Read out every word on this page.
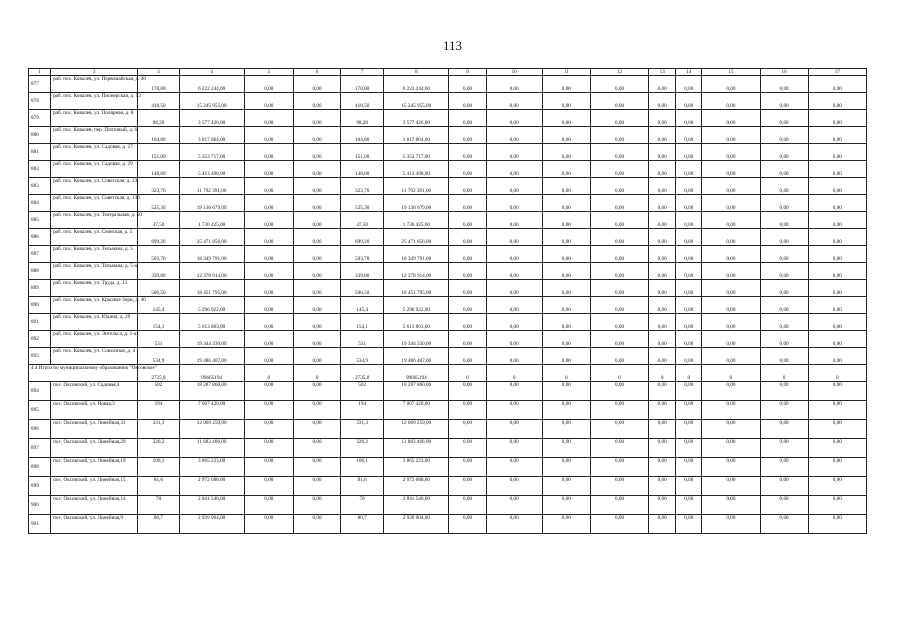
113
1	2	3	4	5	6	7	8	9	10	11	12	13	14	15	16	17
877	раб. пос. Ковалев, ул. Первомайская, д. 40	170,80	6 222 244,00	0,00	0,00	170,80	6 222 244,00	0,00	0,00	0,00	0,00	0,00	0,00	0,00	0,00	0,00
878	раб. пос. Ковалев, ул. Пионерская, д. 53	418,50	15 245 955,00	0,00	0,00	418,50	15 245 955,00	0,00	0,00	0,00	0,00	0,00	0,00	0,00	0,00	0,00
879	раб. пос. Ковалев, ул. Полярная, д. 8	98,20	3 577 426,00	0,00	0,00	98,20	3 577 426,00	0,00	0,00	0,00	0,00	0,00	0,00	0,00	0,00	0,00
880	раб. пос. Ковалев, пер. Почтовый, д. 6	104,80	3 817 864,00	0,00	0,00	104,80	3 817 864,00	0,00	0,00	0,00	0,00	0,00	0,00	0,00	0,00	0,00
881	раб. пос. Ковалев, ул. Садовая, д. 27	151,00	5 353 717,00	0,00	0,00	151,00	5 353 717,00	0,00	0,00	0,00	0,00	0,00	0,00	0,00	0,00	0,00
882	раб. пос. Ковалев, ул. Садовая, д. 29	148,60	5 413 498,00	0,00	0,00	148,60	5 413 498,00	0,00	0,00	0,00	0,00	0,00	0,00	0,00	0,00	0,00
883	раб. пос. Ковалев, ул. Советская, д. 23	323,70	11 792 391,00	0,00	0,00	323,70	11 792 391,00	0,00	0,00	0,00	0,00	0,00	0,00	0,00	0,00	0,00
884	раб. пос. Ковалев, ул. Советская, д. 136	525,30	19 136 679,00	0,00	0,00	525,30	19 136 679,00	0,00	0,00	0,00	0,00	0,00	0,00	0,00	0,00	0,00
885	раб. пос. Ковалев, ул. Театральная, д. 50	47,50	1 730 425,00	0,00	0,00	47,50	1 730 425,00	0,00	0,00	0,00	0,00	0,00	0,00	0,00	0,00	0,00
886	раб. пос. Ковалев, ул. Сеянская, д. 5	699,20	25 471 856,00	0,00	0,00	699,20	25 471 856,00	0,00	0,00	0,00	0,00	0,00	0,00	0,00	0,00	0,00
887	раб. пос. Ковалев, ул. Тельмана, д. 5	503,70	18 349 791,00	0,00	0,00	503,70	18 349 791,00	0,00	0,00	0,00	0,00	0,00	0,00	0,00	0,00	0,00
888	раб. пос. Ковалев, ул. Тельмана, д. 5-а	339,80	12 378 914,00	0,00	0,00	339,80	12 378 914,00	0,00	0,00	0,00	0,00	0,00	0,00	0,00	0,00	0,00
889	раб. пос. Ковалев, ул. Труда, д. 13	506,50	18 451 795,00	0,00	0,00	506,50	18 451 795,00	0,00	0,00	0,00	0,00	0,00	0,00	0,00	0,00	0,00
890	раб. пос. Ковалев, ул. Красные Зори, д. 40	145,4	5 296 922,00	0,00	0,00	145,4	5 296 922,00	0,00	0,00	0,00	0,00	0,00	0,00	0,00	0,00	0,00
891	раб. пос. Ковалев, ул. Юдина, д. 29	154,1	5 613 863,00	0,00	0,00	154,1	5 613 863,00	0,00	0,00	0,00	0,00	0,00	0,00	0,00	0,00	0,00
892	раб. пос. Ковалев, ул. Энгельса, д. 1-а	531	19 344 330,00	0,00	0,00	531	19 344 330,00	0,00	0,00	0,00	0,00	0,00	0,00	0,00	0,00	0,00
893	раб. пос. Ковалев, ул. Совхозная, д. 4	534,9	19 486 407,00	0,00	0,00	534,9	19 486 407,00	0,00	0,00	0,00	0,00	0,00	0,00	0,00	0,00	0,00
4.4 Итого по муниципальному образованию "Оксовское"		2735,8	99665194	0	0	2735,8	99665194	0	0	0	0	0	0	0	0	0
894	пос. Оксовский, ул. Садовая,4	502	18 287 860,00	0,00	0,00	502	18 287 860,00	0,00	0,00	0,00	0,00	0,00	0,00	0,00	0,00	0,00
895	пос. Оксовский, ул. Новая,3	194	7 067 420,00	0,00	0,00	194	7 067 420,00	0,00	0,00	0,00	0,00	0,00	0,00	0,00	0,00	0,00
896	пос. Оксовский, ул. Линейная,31	331,3	12 069 259,00	0,00	0,00	331,3	12 069 259,00	0,00	0,00	0,00	0,00	0,00	0,00	0,00	0,00	0,00
897	пос. Оксовский, ул. Линейная,29	326,2	11 883 466,00	0,00	0,00	326,2	11 883 466,00	0,00	0,00	0,00	0,00	0,00	0,00	0,00	0,00	0,00
898	пос. Оксовский, ул. Линейная,19	106,1	3 865 223,00	0,00	0,00	106,1	3 865 223,00	0,00	0,00	0,00	0,00	0,00	0,00	0,00	0,00	0,00
899	пос. Оксовский, ул. Линейная,15	81,6	2 972 688,00	0,00	0,00	81,6	2 972 688,00	0,00	0,00	0,00	0,00	0,00	0,00	0,00	0,00	0,00
900	пос. Оксовский, ул. Линейная,14	78	2 841 540,00	0,00	0,00	78	2 841 540,00	0,00	0,00	0,00	0,00	0,00	0,00	0,00	0,00	0,00
901	пос. Оксовский, ул. Линейная,9	80,7	2 939 904,00	0,00	0,00	80,7	2 939 904,00	0,00	0,00	0,00	0,00	0,00	0,00	0,00	0,00	0,00
